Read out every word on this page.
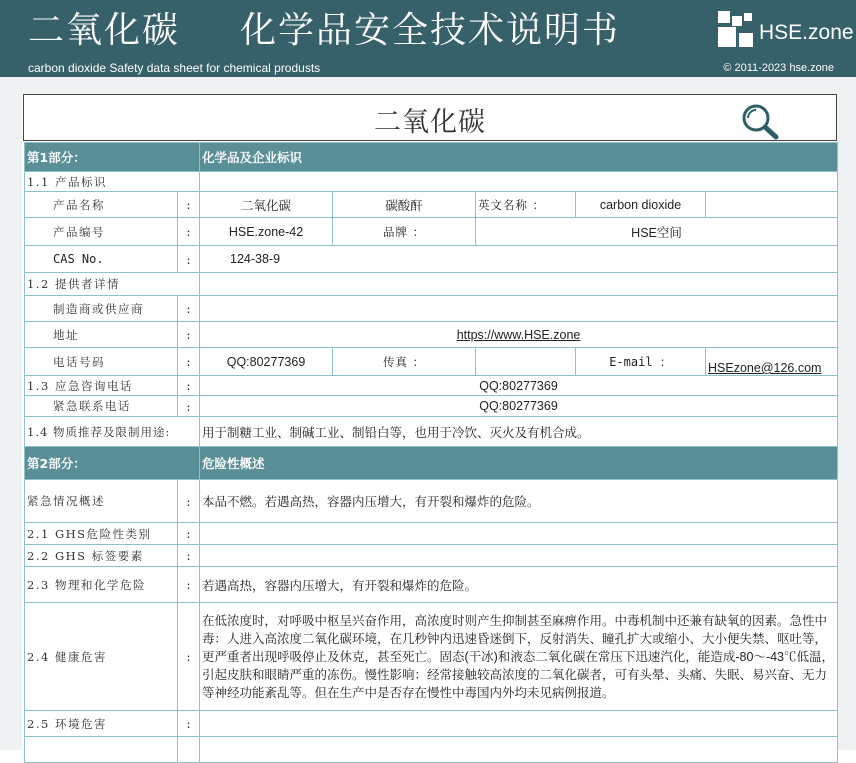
二氧化碳 化学品安全技术说明书	HSE.zone
carbon dioxide Safety data sheet for chemical produsts	© 2011-2023 hse.zone
二氧化碳
第1部分：		化学品及企业标识				
1.1 产品标识						
产品名称	:	二氧化碳	碳酸酐	英文名称 ：	carbon dioxide	
产品编号	:	HSE.zone-42	品牌 ：	HSE空间		
CAS No.	:	124-38-9				
1.2 提供者详情						
制造商或供应商	:					
地址	:	https://www.HSE.zone				
电话号码	:	QQ:80277369	传真 ：		E-mail ：	HSEzone@126.com
1.3 应急咨询电话	:	QQ:80277369				
紧急联系电话	:	QQ:80277369				
1.4 物质推荐及限制用途:		用于制糖工业、制碱工业、制铅白等，也用于冷饮、灭火及有机合成。				
第2部分：		危险性概述				
紧急情况概述	:	本品不燃。若遇高热，容器内压增大，有开裂和爆炸的危险。				
2.1 GHS危险性类别	:					
2.2 GHS 标签要素	:					
2.3 物理和化学危险	:	若遇高热，容器内压增大，有开裂和爆炸的危险。				
2.4 健康危害	:	在低浓度时，对呼吸中枢呈兴奋作用，高浓度时则产生抑制甚至麻痹作用。中毒机制中还兼有缺氧的因素。急性中毒：人进入高浓度二氧化碳环境，在几秒钟内迅速昏迷倒下，反射消失、瞳孔扩大或缩小、大小便失禁、呕吐等，更严重者出现呼吸停止及休克，甚至死亡。固态(干冰)和液态二氧化碳在常压下迅速汽化，能造成-80～-43℃低温，引起皮肤和眼睛严重的冻伤。慢性影响：经常接触较高浓度的二氧化碳者，可有头晕、头痛、失眠、易兴奋、无力等神经功能紊乱等。但在生产中是否存在慢性中毒国内外均未见病例报道。				
2.5 环境危害	:					
